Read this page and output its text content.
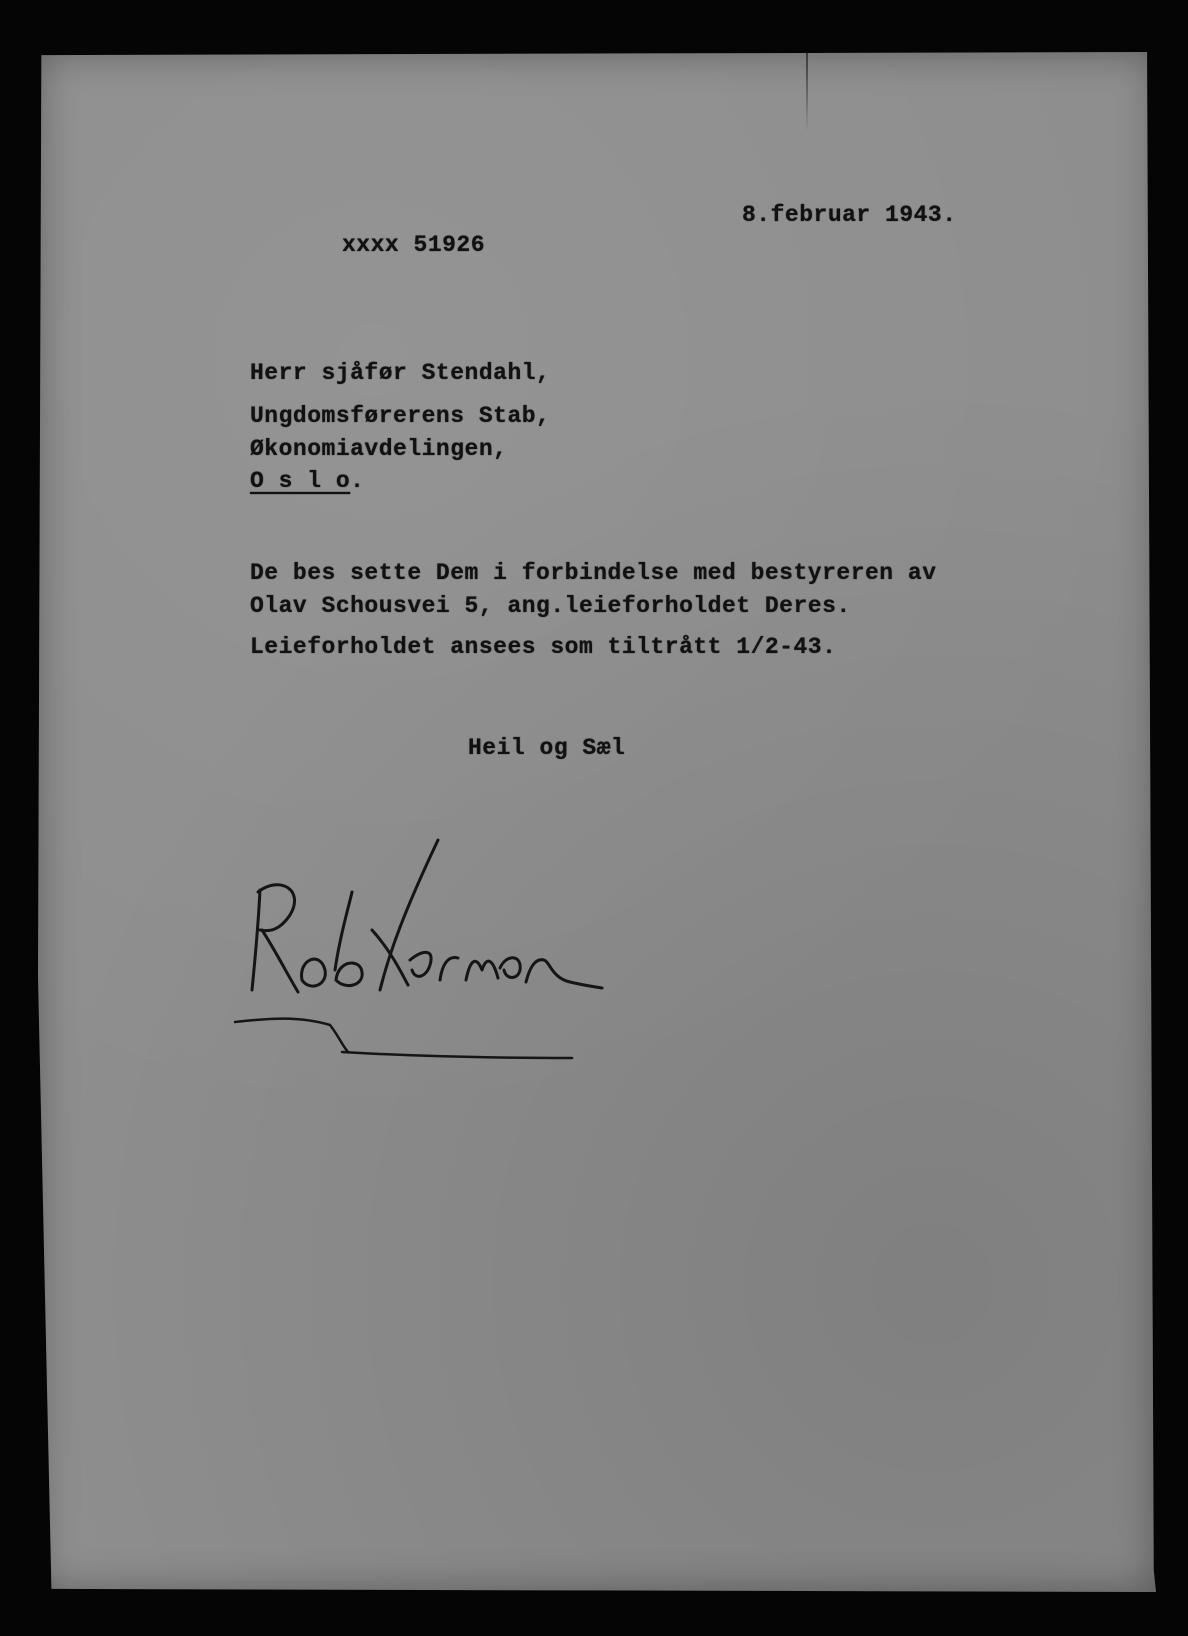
8.februar 1943.
xxxx 51926
Herr sjåfør Stendahl,
Ungdomsførerens Stab,
Økonomiavdelingen,
O s l o.
De bes sette Dem i forbindelse med bestyreren av
Olav Schousvei 5, ang.leieforholdet Deres.
Leieforholdet ansees som tiltrått 1/2-43.
Heil og Sæl
